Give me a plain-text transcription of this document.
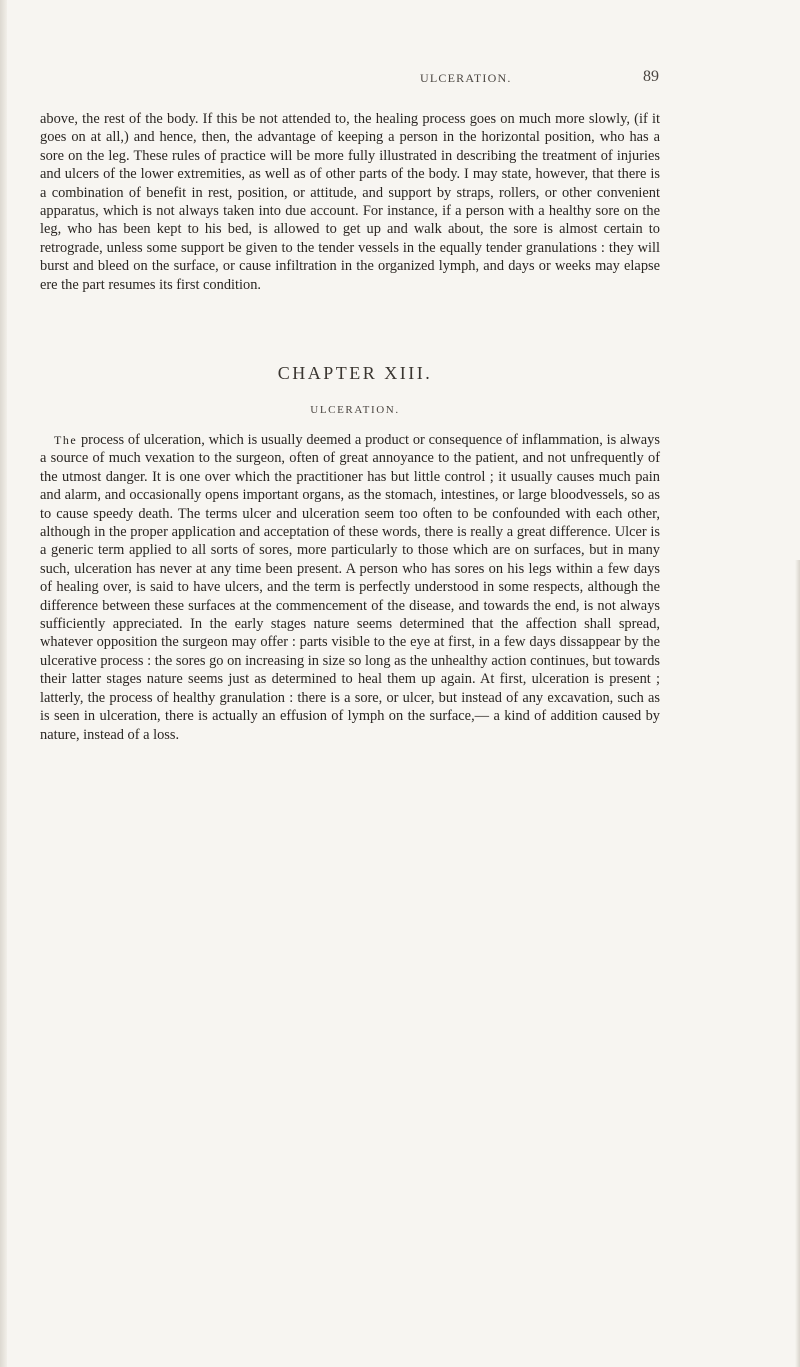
ULCERATION.	89

above, the rest of the body. If this be not attended to, the healing process goes on much more slowly, (if it goes on at all,) and hence, then, the advantage of keeping a person in the horizontal position, who has a sore on the leg. These rules of practice will be more fully illustrated in describing the treatment of injuries and ulcers of the lower extremities, as well as of other parts of the body. I may state, however, that there is a combination of benefit in rest, position, or attitude, and support by straps, rollers, or other convenient apparatus, which is not always taken into due account. For instance, if a person with a healthy sore on the leg, who has been kept to his bed, is allowed to get up and walk about, the sore is almost certain to retrograde, unless some support be given to the tender vessels in the equally tender granulations : they will burst and bleed on the surface, or cause infiltration in the organized lymph, and days or weeks may elapse ere the part resumes its first condition.

CHAPTER XIII.
ULCERATION.

The process of ulceration, which is usually deemed a product or consequence of inflammation, is always a source of much vexation to the surgeon, often of great annoyance to the patient, and not unfrequently of the utmost danger. It is one over which the practitioner has but little control ; it usually causes much pain and alarm, and occasionally opens important organs, as the stomach, intestines, or large bloodvessels, so as to cause speedy death. The terms ulcer and ulceration seem too often to be confounded with each other, although in the proper application and acceptation of these words, there is really a great difference. Ulcer is a generic term applied to all sorts of sores, more particularly to those which are on surfaces, but in many such, ulceration has never at any time been present. A person who has sores on his legs within a few days of healing over, is said to have ulcers, and the term is perfectly understood in some respects, although the difference between these surfaces at the commencement of the disease, and towards the end, is not always sufficiently appreciated. In the early stages nature seems determined that the affection shall spread, whatever opposition the surgeon may offer : parts visible to the eye at first, in a few days dissappear by the ulcerative process : the sores go on increasing in size so long as the unhealthy action continues, but towards their latter stages nature seems just as determined to heal them up again. At first, ulceration is present ; latterly, the process of healthy granulation : there is a sore, or ulcer, but instead of any excavation, such as is seen in ulceration, there is actually an effusion of lymph on the surface,— a kind of addition caused by nature, instead of a loss.
